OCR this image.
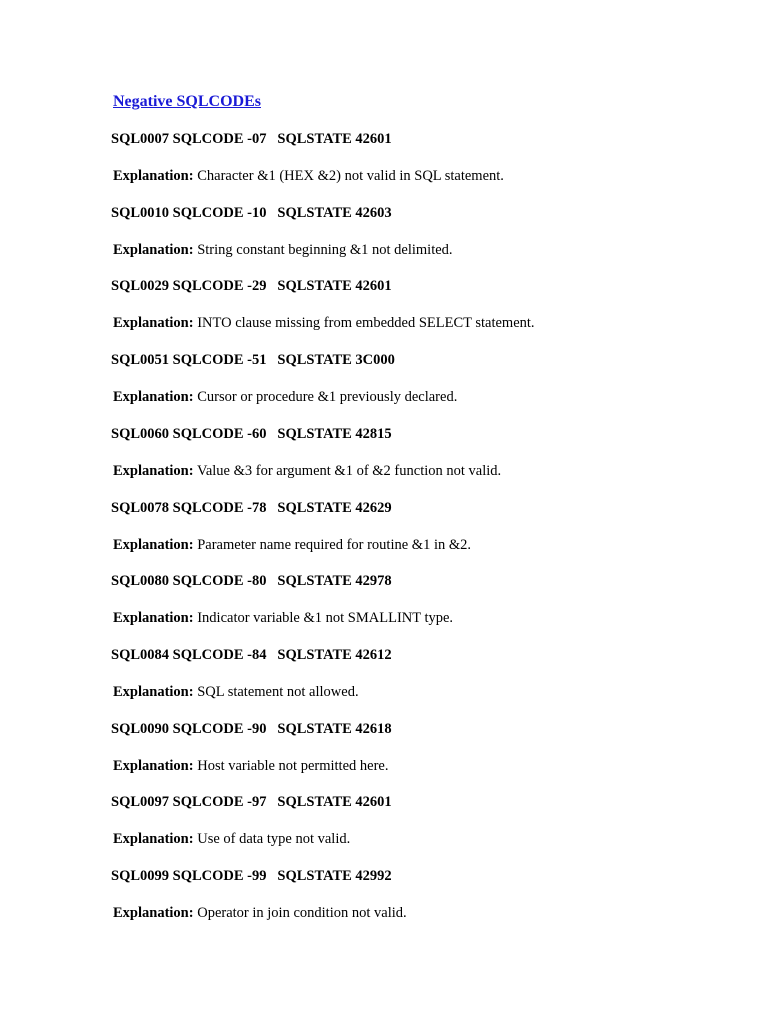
Negative SQLCODEs
SQL0007 SQLCODE -07 SQLSTATE 42601
Explanation: Character &1 (HEX &2) not valid in SQL statement.
SQL0010 SQLCODE -10 SQLSTATE 42603
Explanation: String constant beginning &1 not delimited.
SQL0029 SQLCODE -29 SQLSTATE 42601
Explanation: INTO clause missing from embedded SELECT statement.
SQL0051 SQLCODE -51 SQLSTATE 3C000
Explanation: Cursor or procedure &1 previously declared.
SQL0060 SQLCODE -60 SQLSTATE 42815
Explanation: Value &3 for argument &1 of &2 function not valid.
SQL0078 SQLCODE -78 SQLSTATE 42629
Explanation: Parameter name required for routine &1 in &2.
SQL0080 SQLCODE -80 SQLSTATE 42978
Explanation: Indicator variable &1 not SMALLINT type.
SQL0084 SQLCODE -84 SQLSTATE 42612
Explanation: SQL statement not allowed.
SQL0090 SQLCODE -90 SQLSTATE 42618
Explanation: Host variable not permitted here.
SQL0097 SQLCODE -97 SQLSTATE 42601
Explanation: Use of data type not valid.
SQL0099 SQLCODE -99 SQLSTATE 42992
Explanation: Operator in join condition not valid.
